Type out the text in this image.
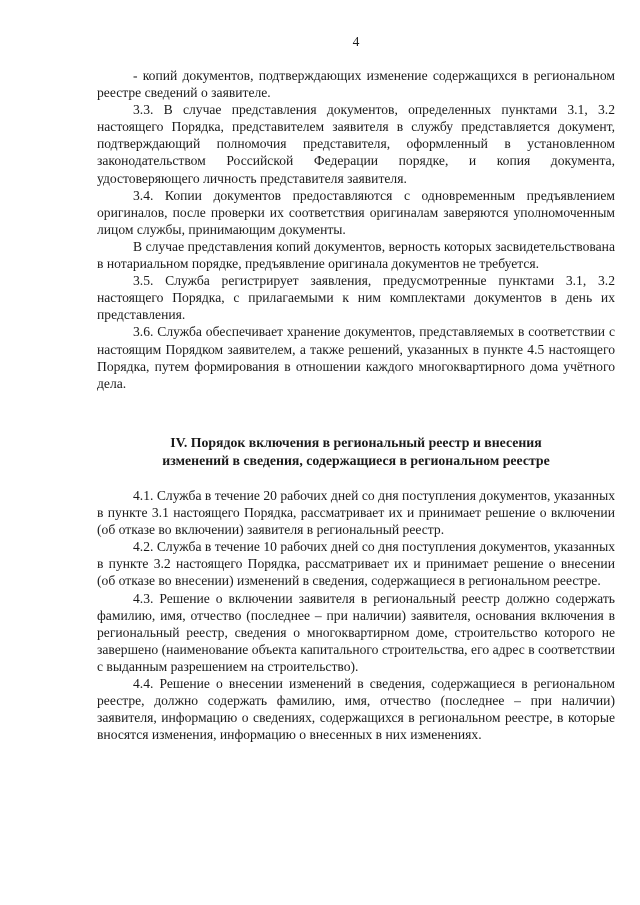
4

- копий документов, подтверждающих изменение содержащихся в региональном реестре сведений о заявителе.

3.3. В случае представления документов, определенных пунктами 3.1, 3.2 настоящего Порядка, представителем заявителя в службу представляется документ, подтверждающий полномочия представителя, оформленный в установленном законодательством Российской Федерации порядке, и копия документа, удостоверяющего личность представителя заявителя.

3.4. Копии документов предоставляются с одновременным предъявлением оригиналов, после проверки их соответствия оригиналам заверяются уполномоченным лицом службы, принимающим документы.

В случае представления копий документов, верность которых засвидетельствована в нотариальном порядке, предъявление оригинала документов не требуется.

3.5. Служба регистрирует заявления, предусмотренные пунктами 3.1, 3.2 настоящего Порядка, с прилагаемыми к ним комплектами документов в день их представления.

3.6. Служба обеспечивает хранение документов, представляемых в соответствии с настоящим Порядком заявителем, а также решений, указанных в пункте 4.5 настоящего Порядка, путем формирования в отношении каждого многоквартирного дома учётного дела.

IV. Порядок включения в региональный реестр и внесения
изменений в сведения, содержащиеся в региональном реестре

4.1. Служба в течение 20 рабочих дней со дня поступления документов, указанных в пункте 3.1 настоящего Порядка, рассматривает их и принимает решение о включении (об отказе во включении) заявителя в региональный реестр.

4.2. Служба в течение 10 рабочих дней со дня поступления документов, указанных в пункте 3.2 настоящего Порядка, рассматривает их и принимает решение о внесении (об отказе во внесении) изменений в сведения, содержащиеся в региональном реестре.

4.3. Решение о включении заявителя в региональный реестр должно содержать фамилию, имя, отчество (последнее – при наличии) заявителя, основания включения в региональный реестр, сведения о многоквартирном доме, строительство которого не завершено (наименование объекта капитального строительства, его адрес в соответствии с выданным разрешением на строительство).

4.4. Решение о внесении изменений в сведения, содержащиеся в региональном реестре, должно содержать фамилию, имя, отчество (последнее – при наличии) заявителя, информацию о сведениях, содержащихся в региональном реестре, в которые вносятся изменения, информацию о внесенных в них изменениях.
